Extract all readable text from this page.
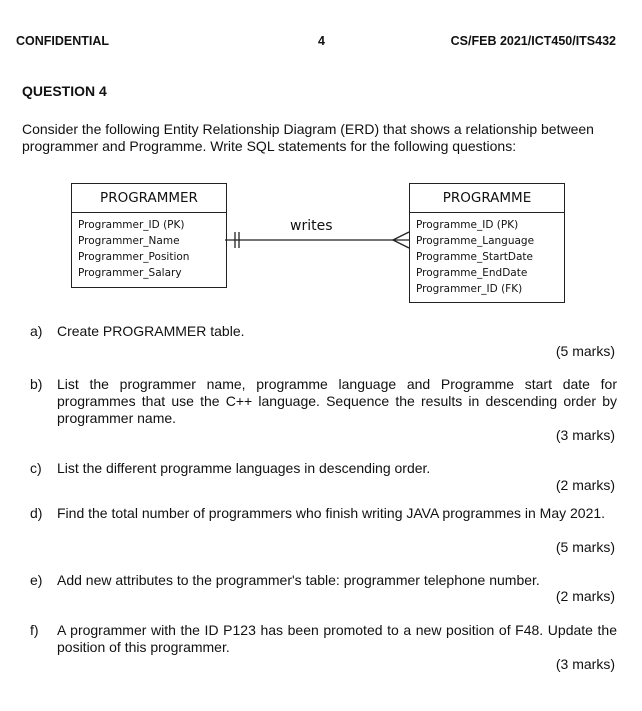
CONFIDENTIAL	4	CS/FEB 2021/ICT450/ITS432
QUESTION 4
Consider the following Entity Relationship Diagram (ERD) that shows a relationship between programmer and Programme. Write SQL statements for the following questions:
PROGRAMMER
Programmer_ID (PK)
Programmer_Name
Programmer_Position
Programmer_Salary
PROGRAMME
Programme_ID (PK)
Programme_Language
Programme_StartDate
Programme_EndDate
Programmer_ID (FK)
writes
a) Create PROGRAMMER table.
(5 marks)
b) List the programmer name, programme language and Programme start date for programmes that use the C++ language. Sequence the results in descending order by programmer name.
(3 marks)
c) List the different programme languages in descending order.
(2 marks)
d) Find the total number of programmers who finish writing JAVA programmes in May 2021.
(5 marks)
e) Add new attributes to the programmer's table: programmer telephone number.
(2 marks)
f) A programmer with the ID P123 has been promoted to a new position of F48. Update the position of this programmer.
(3 marks)
